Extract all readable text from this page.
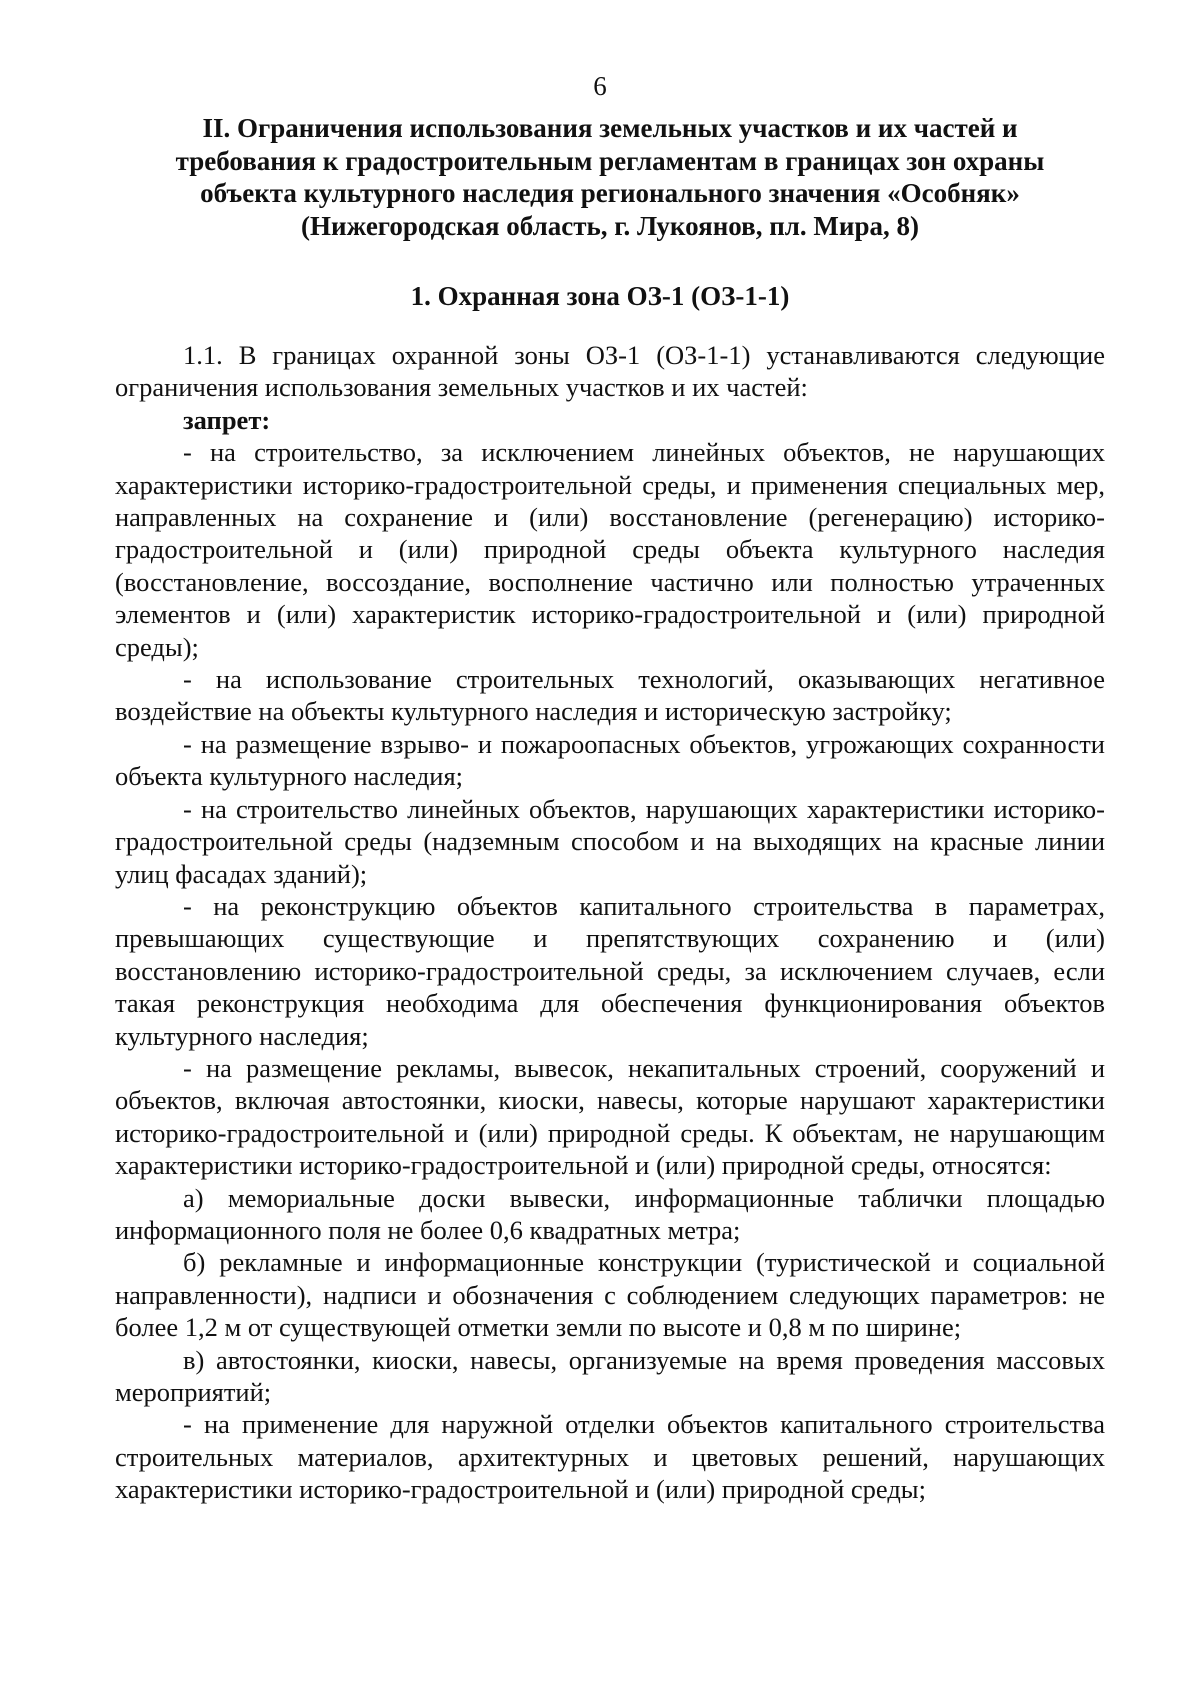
6
II. Ограничения использования земельных участков и их частей и
требования к градостроительным регламентам в границах зон охраны
объекта культурного наследия регионального значения «Особняк»
(Нижегородская область, г. Лукоянов, пл. Мира, 8)
1. Охранная зона ОЗ-1 (ОЗ-1-1)

1.1. В границах охранной зоны ОЗ-1 (ОЗ-1-1) устанавливаются следующие ограничения использования земельных участков и их частей:

запрет:

- на строительство, за исключением линейных объектов, не нарушающих характеристики историко-градостроительной среды, и применения специальных мер, направленных на сохранение и (или) восстановление (регенерацию) историко-градостроительной и (или) природной среды объекта культурного наследия (восстановление, воссоздание, восполнение частично или полностью утраченных элементов и (или) характеристик историко-градостроительной и (или) природной среды);

- на использование строительных технологий, оказывающих негативное воздействие на объекты культурного наследия и историческую застройку;

- на размещение взрыво- и пожароопасных объектов, угрожающих сохранности объекта культурного наследия;

- на строительство линейных объектов, нарушающих характеристики историко-градостроительной среды (надземным способом и на выходящих на красные линии улиц фасадах зданий);

- на реконструкцию объектов капитального строительства в параметрах, превышающих существующие и препятствующих сохранению и (или) восстановлению историко-градостроительной среды, за исключением случаев, если такая реконструкция необходима для обеспечения функционирования объектов культурного наследия;

- на размещение рекламы, вывесок, некапитальных строений, сооружений и объектов, включая автостоянки, киоски, навесы, которые нарушают характеристики историко-градостроительной и (или) природной среды. К объектам, не нарушающим характеристики историко-градостроительной и (или) природной среды, относятся:

а) мемориальные доски вывески, информационные таблички площадью информационного поля не более 0,6 квадратных метра;

б) рекламные и информационные конструкции (туристической и социальной направленности), надписи и обозначения с соблюдением следующих параметров: не более 1,2 м от существующей отметки земли по высоте и 0,8 м по ширине;

в) автостоянки, киоски, навесы, организуемые на время проведения массовых мероприятий;

- на применение для наружной отделки объектов капитального строительства строительных материалов, архитектурных и цветовых решений, нарушающих характеристики историко-градостроительной и (или) природной среды;
